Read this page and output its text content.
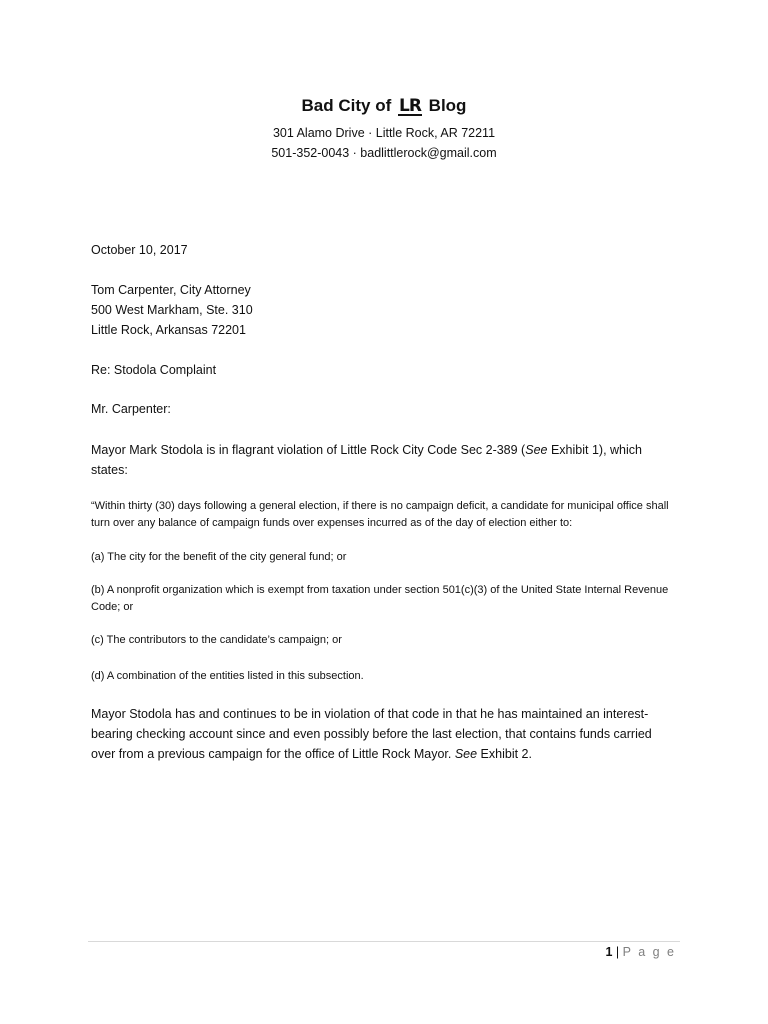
Bad City of LR Blog

301 Alamo Drive · Little Rock, AR 72211

501-352-0043 · badlittlerock@gmail.com

October 10, 2017

Tom Carpenter, City Attorney
500 West Markham, Ste. 310
Little Rock, Arkansas 72201

Re: Stodola Complaint

Mr. Carpenter:

Mayor Mark Stodola is in flagrant violation of Little Rock City Code Sec 2-389 (See Exhibit 1), which states:

“Within thirty (30) days following a general election, if there is no campaign deficit, a candidate for municipal office shall turn over any balance of campaign funds over expenses incurred as of the day of election either to:

(a) The city for the benefit of the city general fund; or

(b) A nonprofit organization which is exempt from taxation under section 501(c)(3) of the United State Internal Revenue Code; or

(c) The contributors to the candidate’s campaign; or

(d) A combination of the entities listed in this subsection.

Mayor Stodola has and continues to be in violation of that code in that he has maintained an interest-bearing checking account since and even possibly before the last election, that contains funds carried over from a previous campaign for the office of Little Rock Mayor. See Exhibit 2.

1 | P a g e
